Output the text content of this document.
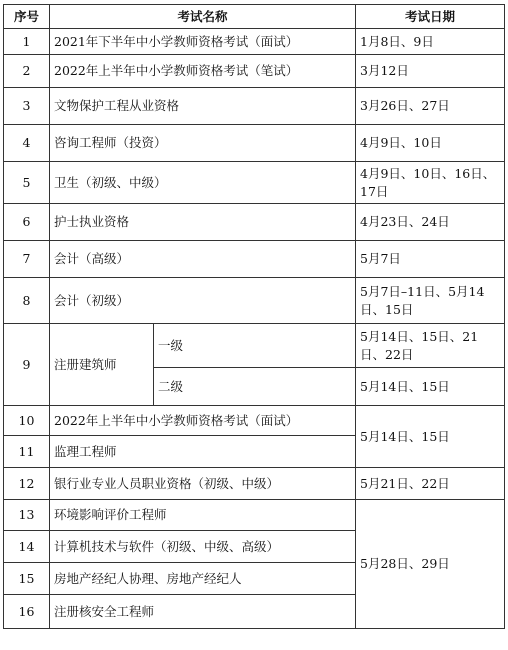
序号	考试名称		考试日期
1	2021年下半年中小学教师资格考试（面试）		1月8日、9日
2	2022年上半年中小学教师资格考试（笔试）		3月12日
3	文物保护工程从业资格		3月26日、27日
4	咨询工程师（投资）		4月9日、10日
5	卫生（初级、中级）		4月9日、10日、16日、17日
6	护士执业资格		4月23日、24日
7	会计（高级）		5月7日
8	会计（初级）		5月7日–11日、5月14日、15日
9	注册建筑师	一级	5月14日、15日、21日、22日
		二级	5月14日、15日
10	2022年上半年中小学教师资格考试（面试）		5月14日、15日
11	监理工程师		
12	银行业专业人员职业资格（初级、中级）		5月21日、22日
13	环境影响评价工程师		5月28日、29日
14	计算机技术与软件（初级、中级、高级）		
15	房地产经纪人协理、房地产经纪人		
16	注册核安全工程师		
